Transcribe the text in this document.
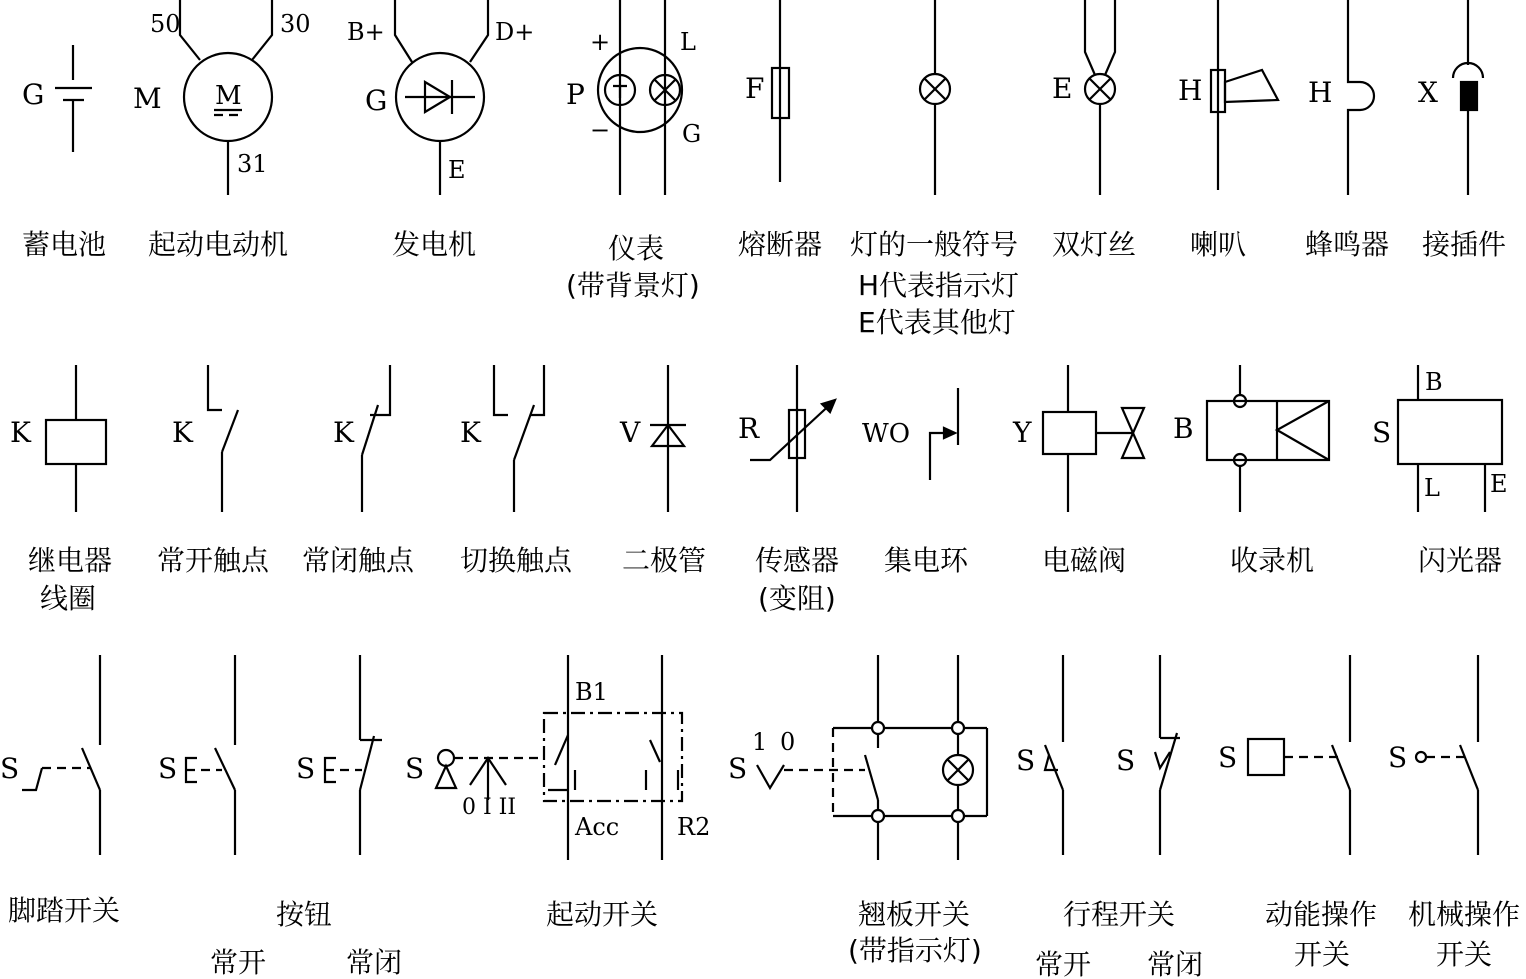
G
蓄电池
50	30
31
M M
起动电动机
B+	D+
G
E
发电机
+
−
P
L
G
仪表
(带背景灯)
F
熔断器 灯的一般符号
H代表指示灯
E代表其他灯
E
双灯丝
H
喇叭
H
蜂鸣器
X
接插件
K
继电器
线圈
K
常开触点
K
常闭触点
K
切换触点
V
二极管
R
传感器
(变阻)
WO
集电环
Y
电磁阀
B
收录机
B
S
L E
闪光器
S
脚踏开关
S	S
按钮
常开	常闭
0 I II
B1
Acc R2
S
起动开关
S
1 0
翘板开关
(带指示灯)
S	S
行程开关
常开 常闭
S
动能操作
开关
S
机械操作
开关
